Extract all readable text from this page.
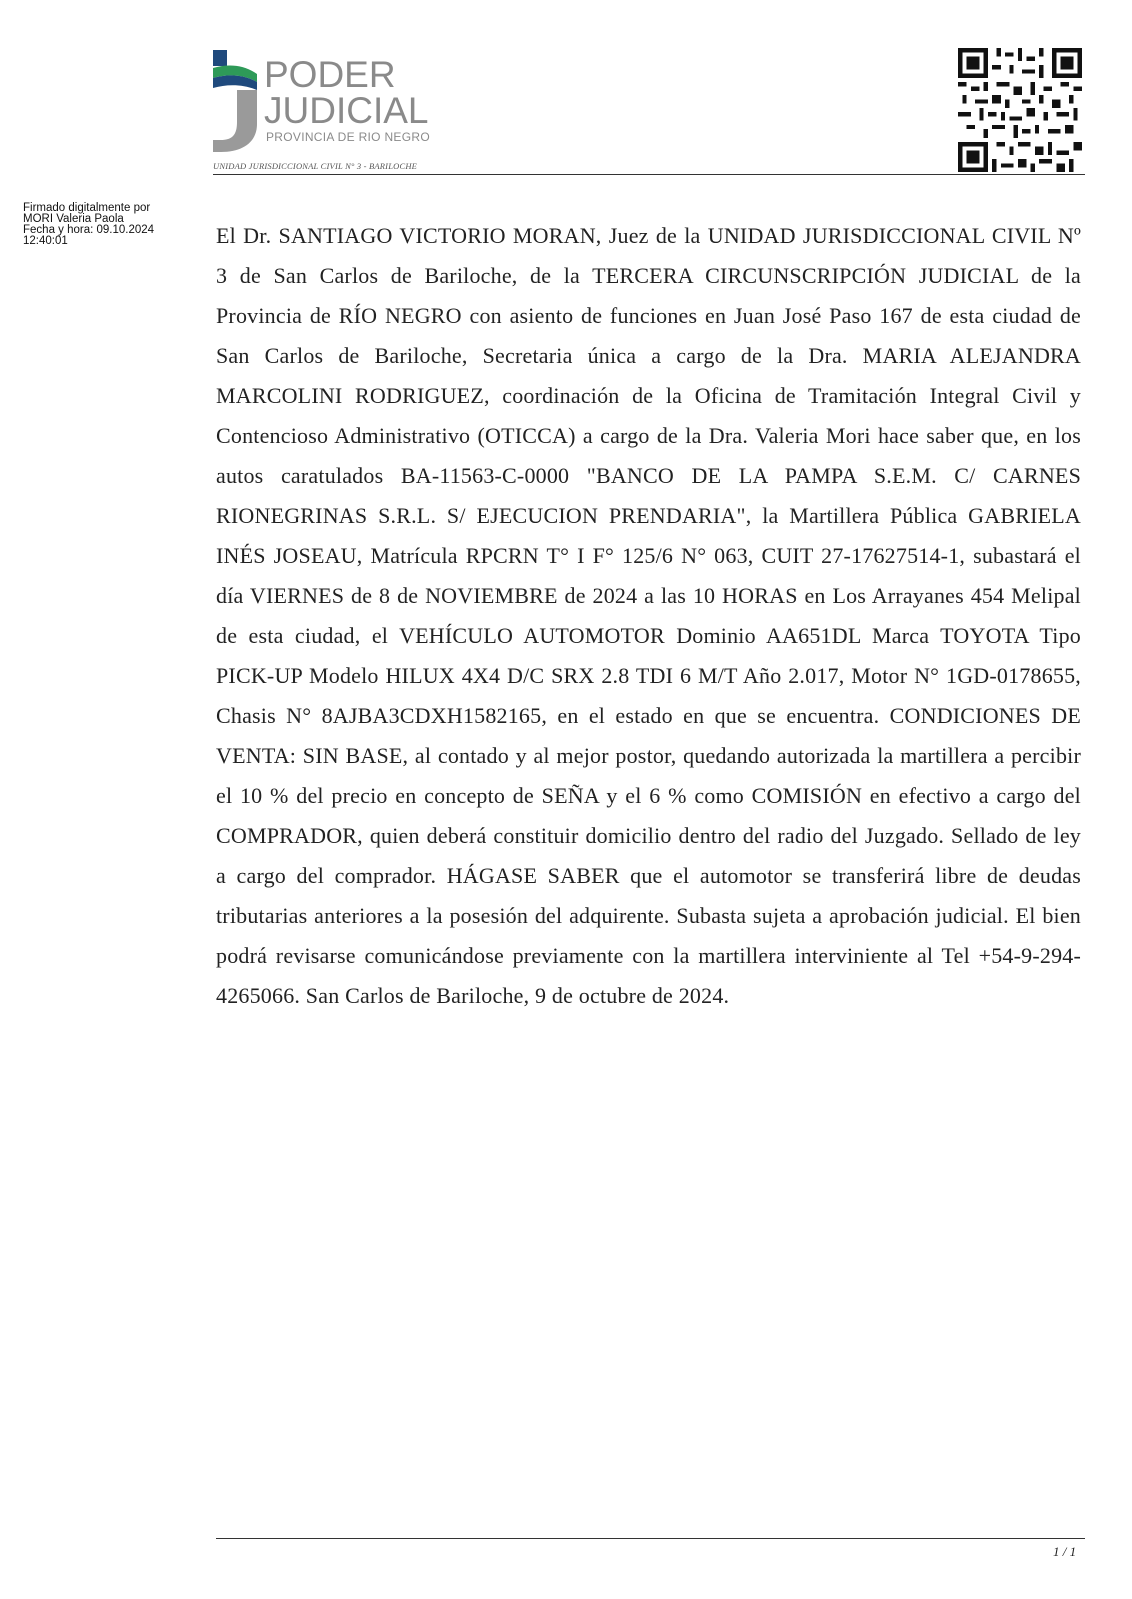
PODER
JUDICIAL
PROVINCIA DE RIO NEGRO
UNIDAD JURISDICCIONAL CIVIL N° 3 - BARILOCHE
Firmado digitalmente por
MORI Valeria Paola
Fecha y hora: 09.10.2024
12:40:01	El Dr. SANTIAGO VICTORIO MORAN, Juez de la UNIDAD JURISDICCIONAL CIVIL Nº 3 de San Carlos de Bariloche, de la TERCERA CIRCUNSCRIPCIÓN JUDICIAL de la Provincia de RÍO NEGRO con asiento de funciones en Juan José Paso 167 de esta ciudad de San Carlos de Bariloche, Secretaria única a cargo de la Dra. MARIA ALEJANDRA MARCOLINI RODRIGUEZ, coordinación de la Oficina de Tramitación Integral Civil y Contencioso Administrativo (OTICCA) a cargo de la Dra. Valeria Mori hace saber que, en los autos caratulados BA-11563-C-0000 "BANCO DE LA PAMPA S.E.M. C/ CARNES RIONEGRINAS S.R.L. S/ EJECUCION PRENDARIA", la Martillera Pública GABRIELA INÉS JOSEAU, Matrícula RPCRN T° I F° 125/6 N° 063, CUIT 27-17627514-1, subastará el día VIERNES de 8 de NOVIEMBRE de 2024 a las 10 HORAS en Los Arrayanes 454 Melipal de esta ciudad, el VEHÍCULO AUTOMOTOR Dominio AA651DL Marca TOYOTA Tipo PICK-UP Modelo HILUX 4X4 D/C SRX 2.8 TDI 6 M/T Año 2.017, Motor N° 1GD-0178655, Chasis N° 8AJBA3CDXH1582165, en el estado en que se encuentra. CONDICIONES DE VENTA: SIN BASE, al contado y al mejor postor, quedando autorizada la martillera a percibir el 10 % del precio en concepto de SEÑA y el 6 % como COMISIÓN en efectivo a cargo del COMPRADOR, quien deberá constituir domicilio dentro del radio del Juzgado. Sellado de ley a cargo del comprador. HÁGASE SABER que el automotor se transferirá libre de deudas tributarias anteriores a la posesión del adquirente. Subasta sujeta a aprobación judicial. El bien podrá revisarse comunicándose previamente con la martillera interviniente al Tel +54-9-294-4265066. San Carlos de Bariloche, 9 de octubre de 2024.
1 / 1
